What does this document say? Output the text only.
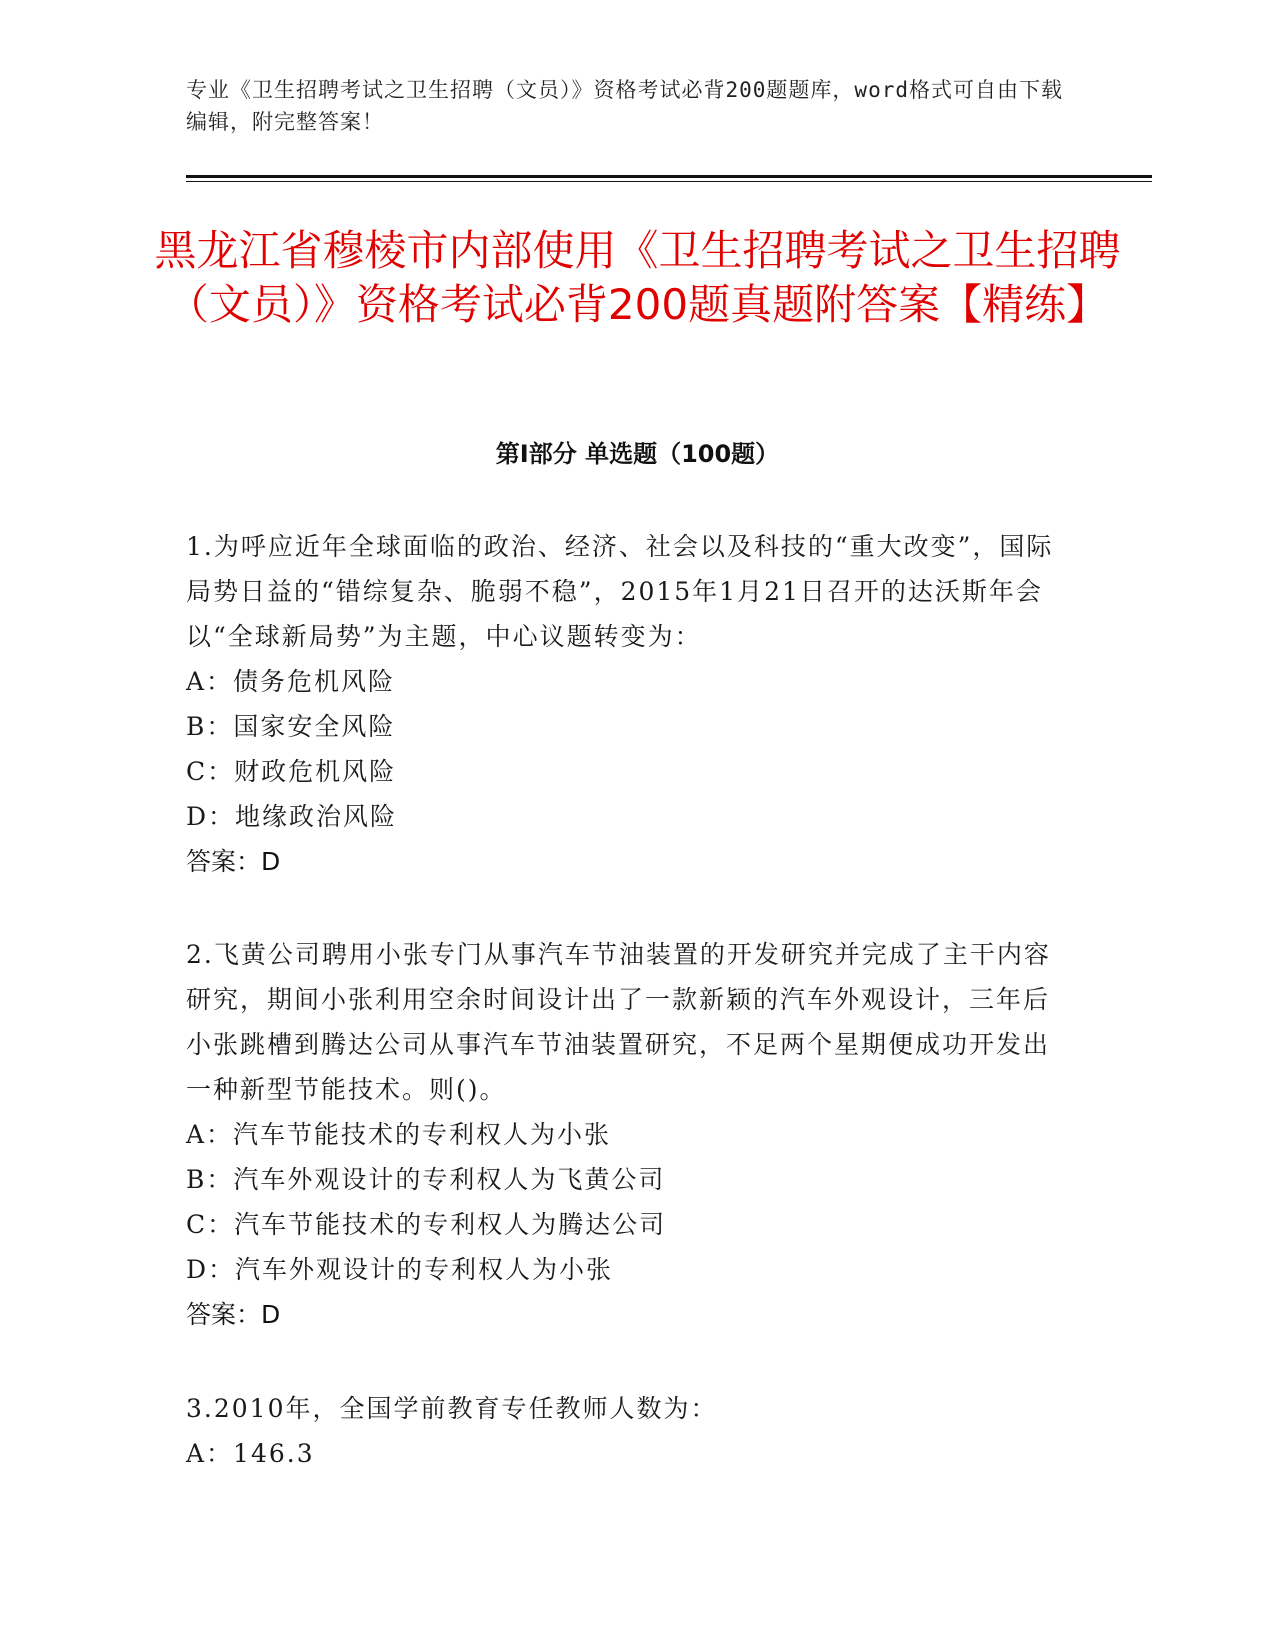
专业《卫生招聘考试之卫生招聘（文员）》资格考试必背200题题库，word格式可自由下载编辑，附完整答案！
黑龙江省穆棱市内部使用《卫生招聘考试之卫生招聘（文员）》资格考试必背200题真题附答案【精练】
第Ⅰ部分 单选题（100题）

1.为呼应近年全球面临的政治、经济、社会以及科技的“重大改变”，国际局势日益的“错综复杂、脆弱不稳”，2015年1月21日召开的达沃斯年会以“全球新局势”为主题，中心议题转变为：

A：债务危机风险

B：国家安全风险

C：财政危机风险

D：地缘政治风险

答案：D

2.飞黄公司聘用小张专门从事汽车节油装置的开发研究并完成了主干内容研究，期间小张利用空余时间设计出了一款新颖的汽车外观设计，三年后小张跳槽到腾达公司从事汽车节油装置研究，不足两个星期便成功开发出一种新型节能技术。则()。

A：汽车节能技术的专利权人为小张

B：汽车外观设计的专利权人为飞黄公司

C：汽车节能技术的专利权人为腾达公司

D：汽车外观设计的专利权人为小张

答案：D

3.2010年，全国学前教育专任教师人数为：

A：146.3
